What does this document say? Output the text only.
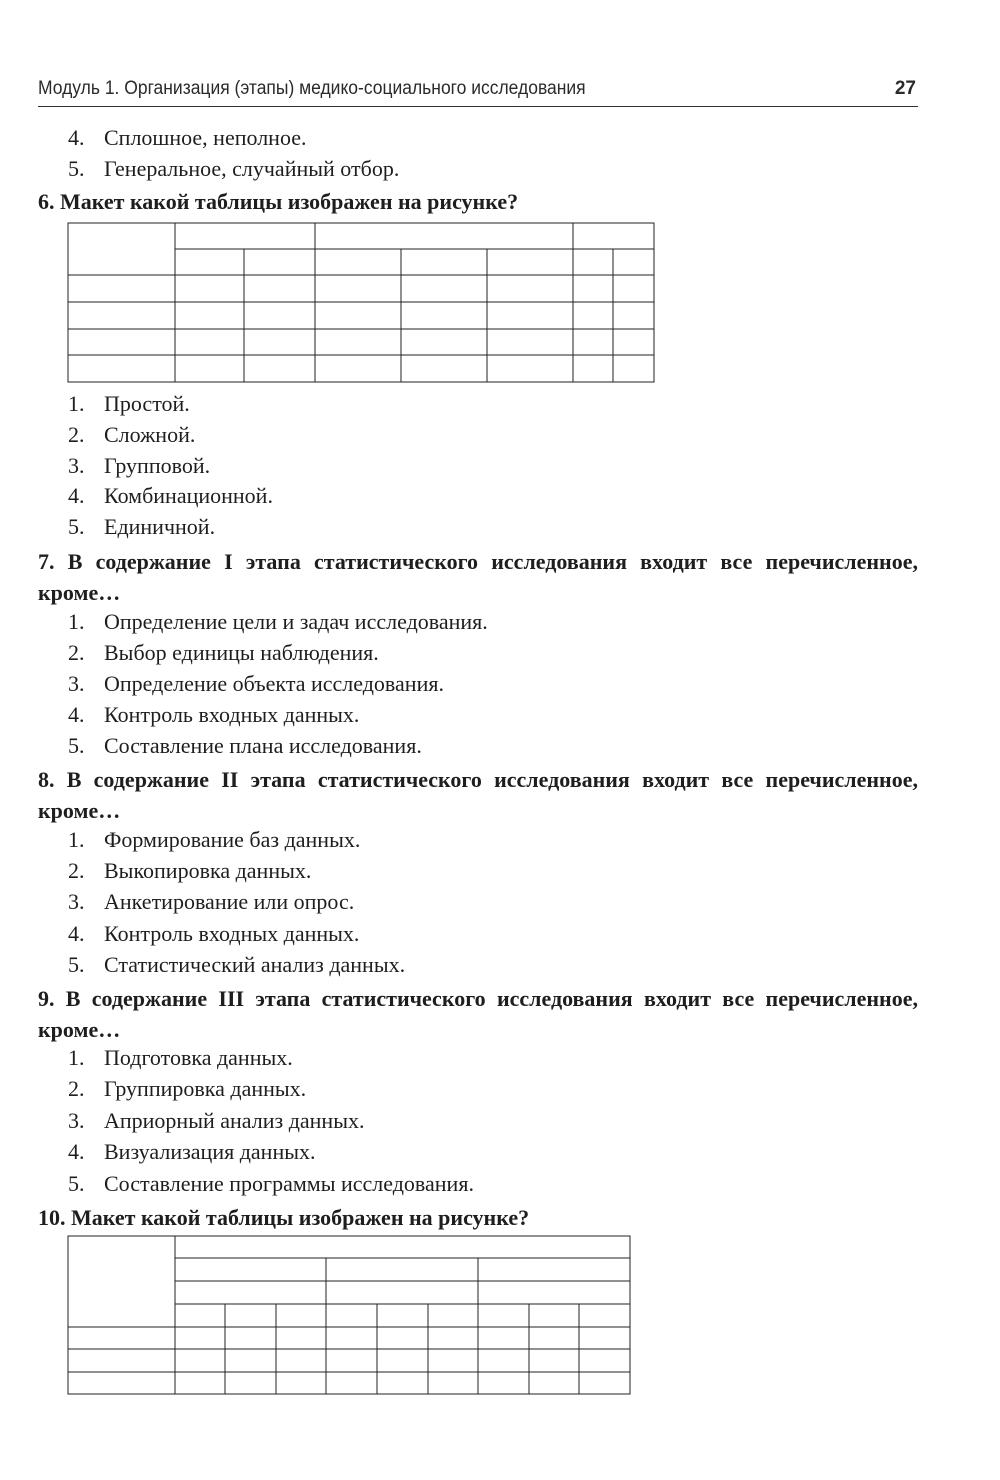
Модуль 1. Организация (этапы) медико-социального исследования	27
4. Сплошное, неполное.
5. Генеральное, случайный отбор.
6. Макет какой таблицы изображен на рисунке?
1. Простой.
2. Сложной.
3. Групповой.
4. Комбинационной.
5. Единичной.
7. В содержание I этапа статистического исследования входит все перечисленное, кроме…
1. Определение цели и задач исследования.
2. Выбор единицы наблюдения.
3. Определение объекта исследования.
4. Контроль входных данных.
5. Составление плана исследования.
8. В содержание II этапа статистического исследования входит все перечисленное, кроме…
1. Формирование баз данных.
2. Выкопировка данных.
3. Анкетирование или опрос.
4. Контроль входных данных.
5. Статистический анализ данных.
9. В содержание III этапа статистического исследования входит все перечисленное, кроме…
1. Подготовка данных.
2. Группировка данных.
3. Априорный анализ данных.
4. Визуализация данных.
5. Составление программы исследования.
10. Макет какой таблицы изображен на рисунке?
